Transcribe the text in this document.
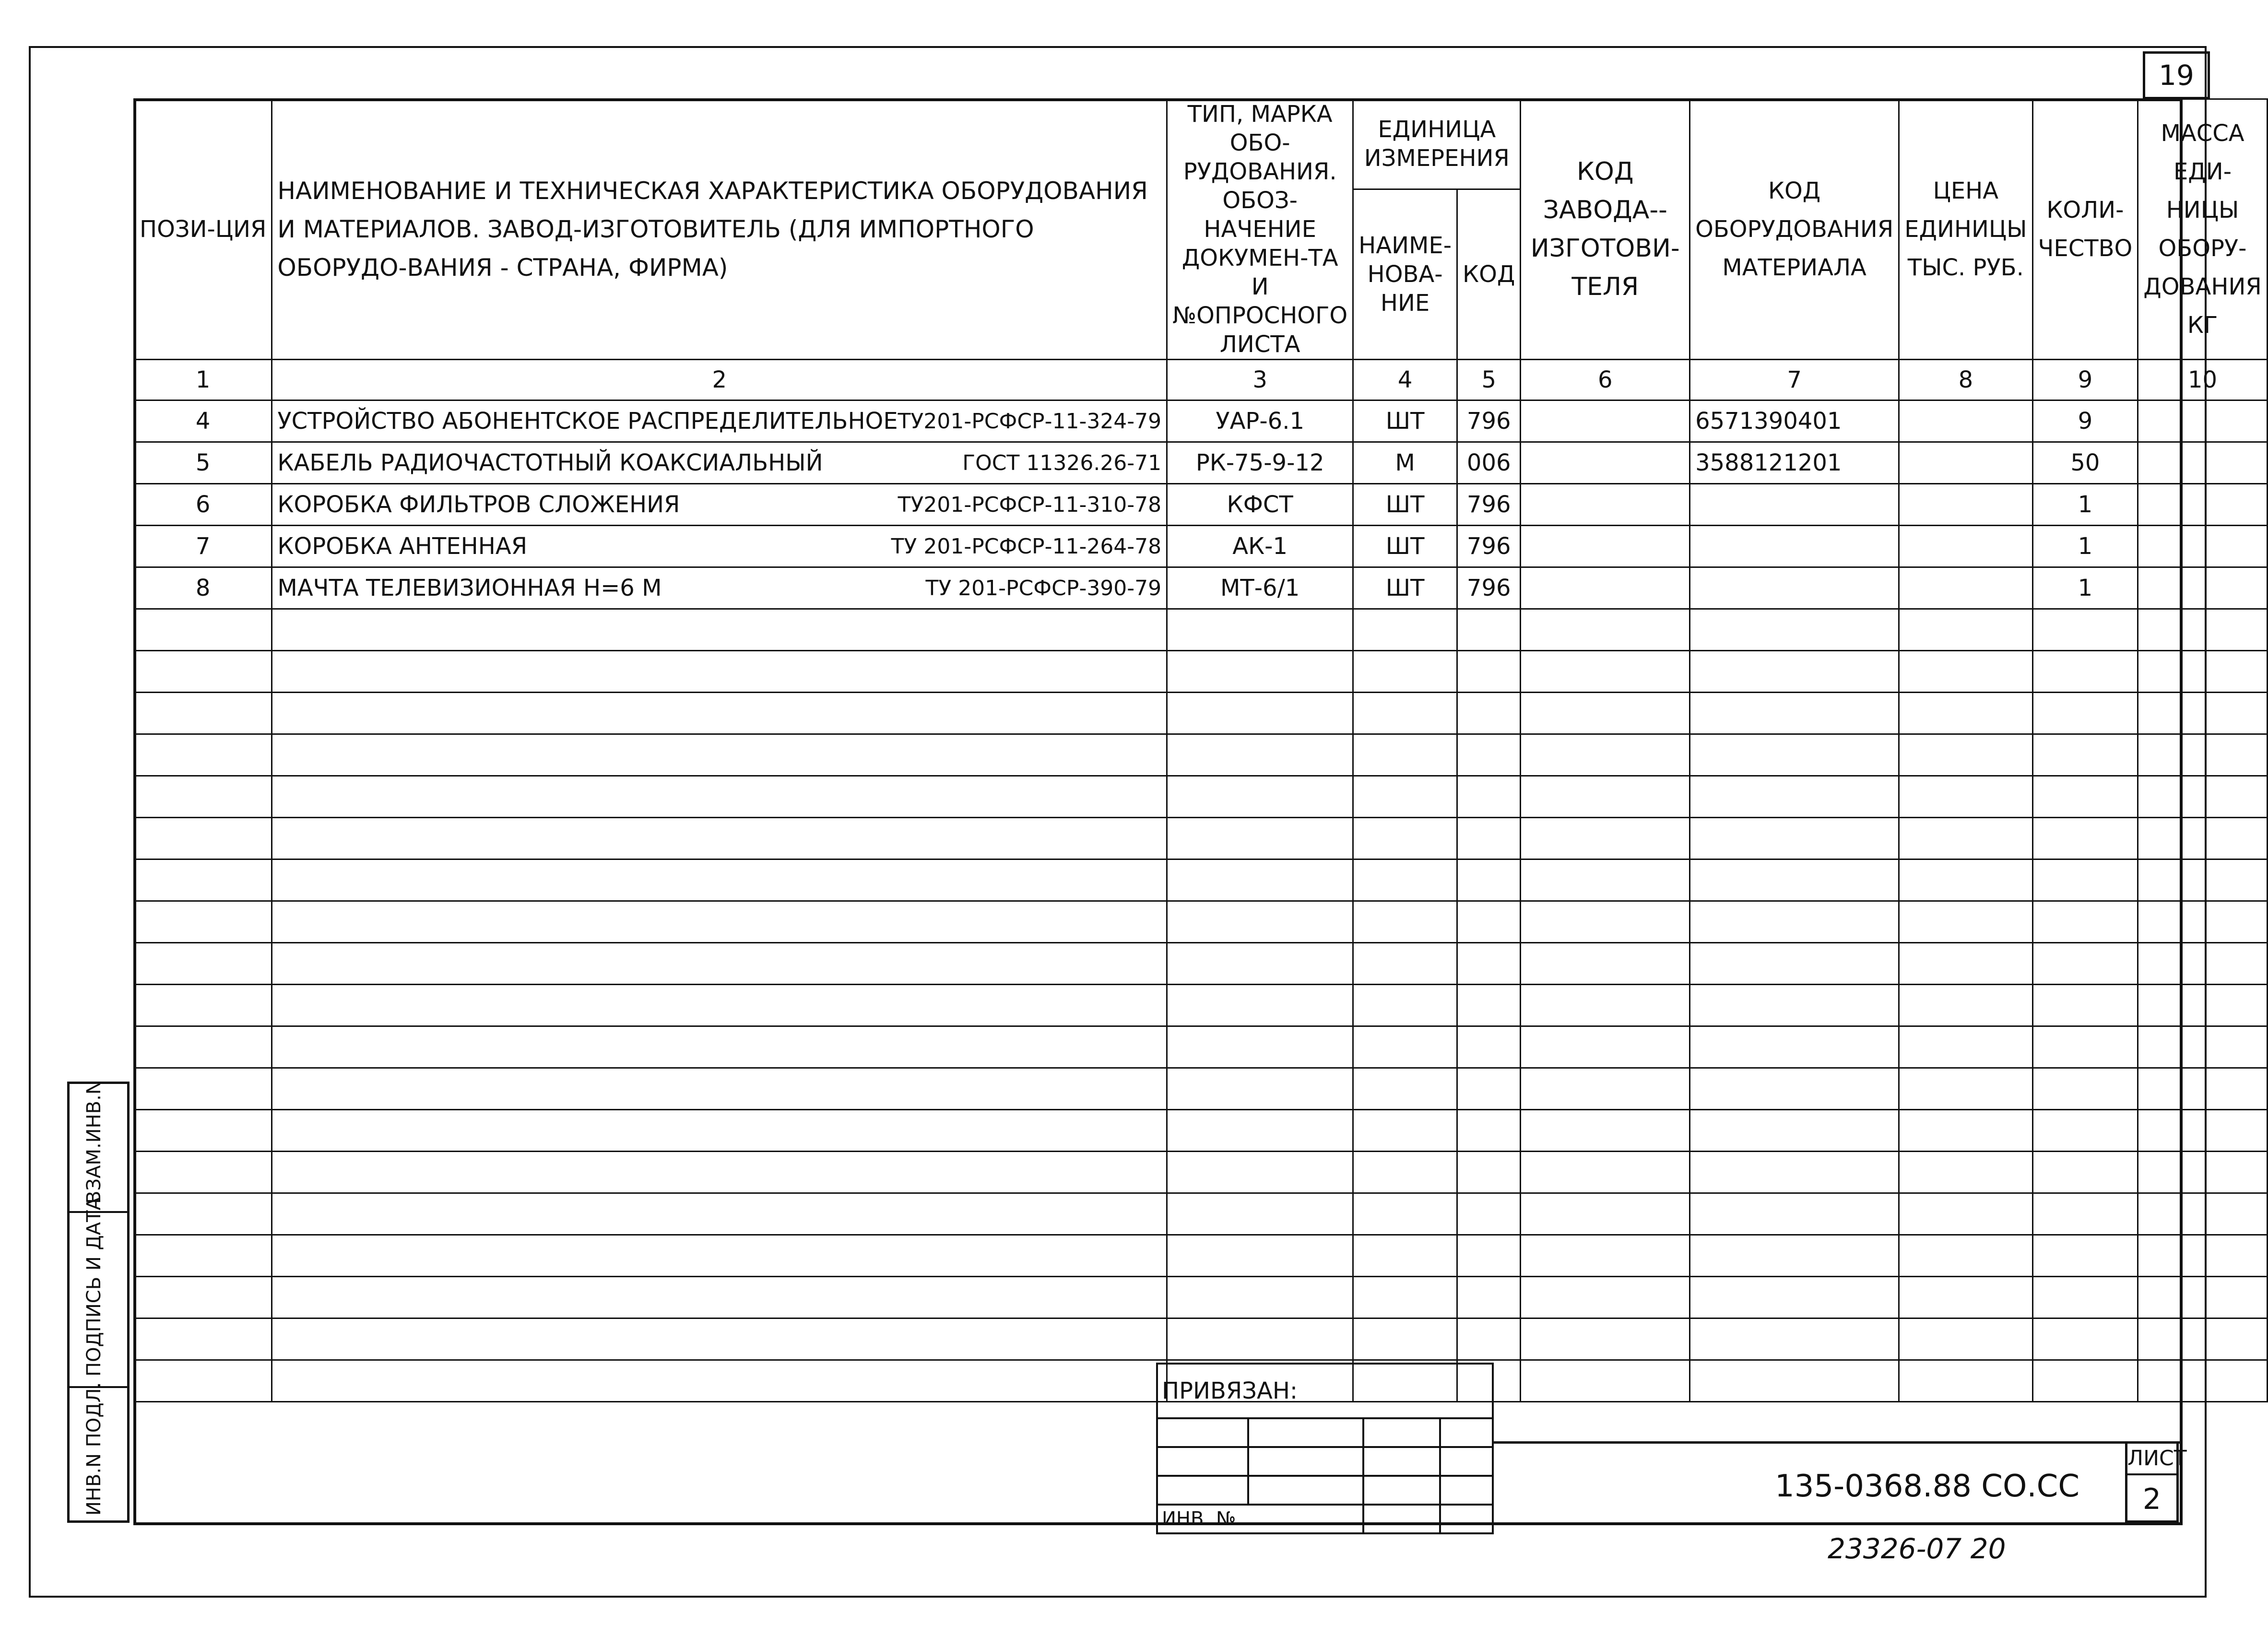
19
ПОЗИ-ЦИЯ	НАИМЕНОВАНИЕ И ТЕХНИЧЕСКАЯ ХАРАКТЕРИСТИКА ОБОРУДОВАНИЯ И МАТЕРИАЛОВ. ЗАВОД-ИЗГОТОВИТЕЛЬ (ДЛЯ ИМПОРТНОГО ОБОРУДО-ВАНИЯ - СТРАНА, ФИРМА)	ТИП, МАРКА ОБО-РУДОВАНИЯ. ОБОЗ-НАЧЕНИЕ ДОКУМЕН-ТА И №ОПРОСНОГО ЛИСТА	ЕДИНИЦА ИЗМЕРЕНИЯ		КОД ЗАВОДА--ИЗГОТОВИ-ТЕЛЯ	КОД ОБОРУДОВАНИЯ МАТЕРИАЛА	ЦЕНА ЕДИНИЦЫ ТЫС. РУБ.	КОЛИ-ЧЕСТВО	МАССА ЕДИ-НИЦЫ ОБОРУ-ДОВАНИЯ КГ
			НАИМЕ-НОВА-НИЕ	КОД					
1	2	3	4	5	6	7	8	9	10
4	УСТРОЙСТВО АБОНЕНТСКОЕ РАСПРЕДЕЛИТЕЛЬНОЕ ТУ201-РСФСР-11-324-79	УАР-6.1	ШТ	796		6571390401		9	
5	КАБЕЛЬ РАДИОЧАСТОТНЫЙ КОАКСИАЛЬНЫЙ ГОСТ 11326.26-71	РК-75-9-12	М	006		3588121201		50	
6	КОРОБКА ФИЛЬТРОВ СЛОЖЕНИЯ ТУ201-РСФСР-11-310-78	КФСТ	ШТ	796				1	
7	КОРОБКА АНТЕННАЯ ТУ 201-РСФСР-11-264-78	АК-1	ШТ	796				1	
8	МАЧТА ТЕЛЕВИЗИОННАЯ Н=6 М ТУ 201-РСФСР-390-79	МТ-6/1	ШТ	796				1	

ПРИВЯЗАН:			

ИНВ. №			
135-0368.88 СО.СС
ЛИСТ
2
23326-07 20
ВЗАМ.ИНВ.N
ПОДПИСЬ И ДАТА
ИНВ.N ПОДЛ.
